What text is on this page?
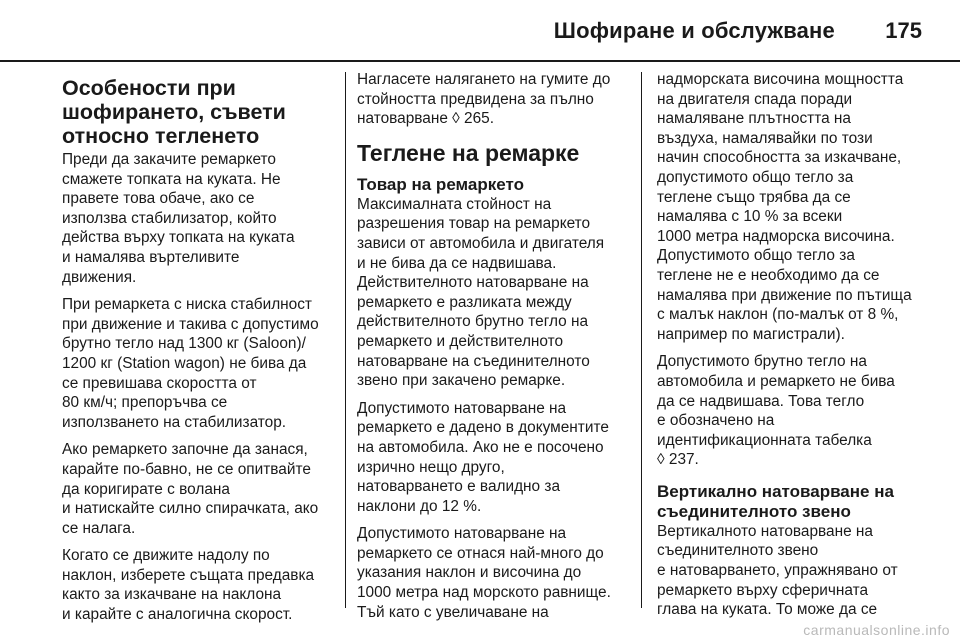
Шофиране и обслужване 175
Особености при
шофирането, съвети
относно тегленето

Преди да закачите ремаркето
смажете топката на куката. Не
правете това обаче, ако се
използва стабилизатор, който
действа върху топката на куката
и намалява въртеливите
движения.

При ремаркета с ниска стабилност
при движение и такива с допустимо
брутно тегло над 1300 кг (Saloon)/
1200 кг (Station wagon) не бива да
се превишава скоростта от
80 км/ч; препоръчва се
използването на стабилизатор.

Ако ремаркето започне да занася,
карайте по-бавно, не се опитвайте
да коригирате с волана
и натискайте силно спирачката, ако
се налага.

Когато се движите надолу по
наклон, изберете същата предавка
както за изкачване на наклона
и карайте с аналогична скорост.

Нагласете налягането на гумите до
стойността предвидена за пълно
натоварване ◊ 265.

Теглене на ремарке
Товар на ремаркето

Максималната стойност на
разрешения товар на ремаркето
зависи от автомобила и двигателя
и не бива да се надвишава.
Действителното натоварване на
ремаркето е разликата между
действителното брутно тегло на
ремаркето и действителното
натоварване на съединителното
звено при закачено ремарке.

Допустимото натоварване на
ремаркето е дадено в документите
на автомобила. Ако не е посочено
изрично нещо друго,
натоварването е валидно за
наклони до 12 %.

Допустимото натоварване на
ремаркето се отнася най-много до
указания наклон и височина до
1000 метра над морското равнище.
Тъй като с увеличаване на

надморската височина мощността
на двигателя спада поради
намаляване плътността на
въздуха, намалявайки по този
начин способността за изкачване,
допустимото общо тегло за
теглене също трябва да се
намалява с 10 % за всеки
1000 метра надморска височина.
Допустимото общо тегло за
теглене не е необходимо да се
намалява при движение по пътища
с малък наклон (по-малък от 8 %,
например по магистрали).

Допустимото брутно тегло на
автомобила и ремаркето не бива
да се надвишава. Това тегло
е обозначено на
идентификационната табелка
◊ 237.

Вертикално натоварване на
съединителното звено

Вертикалното натоварване на
съединителното звено
е натоварването, упражнявано от
ремаркето върху сферичната
глава на куката. То може да се

carmanualsonline.info
